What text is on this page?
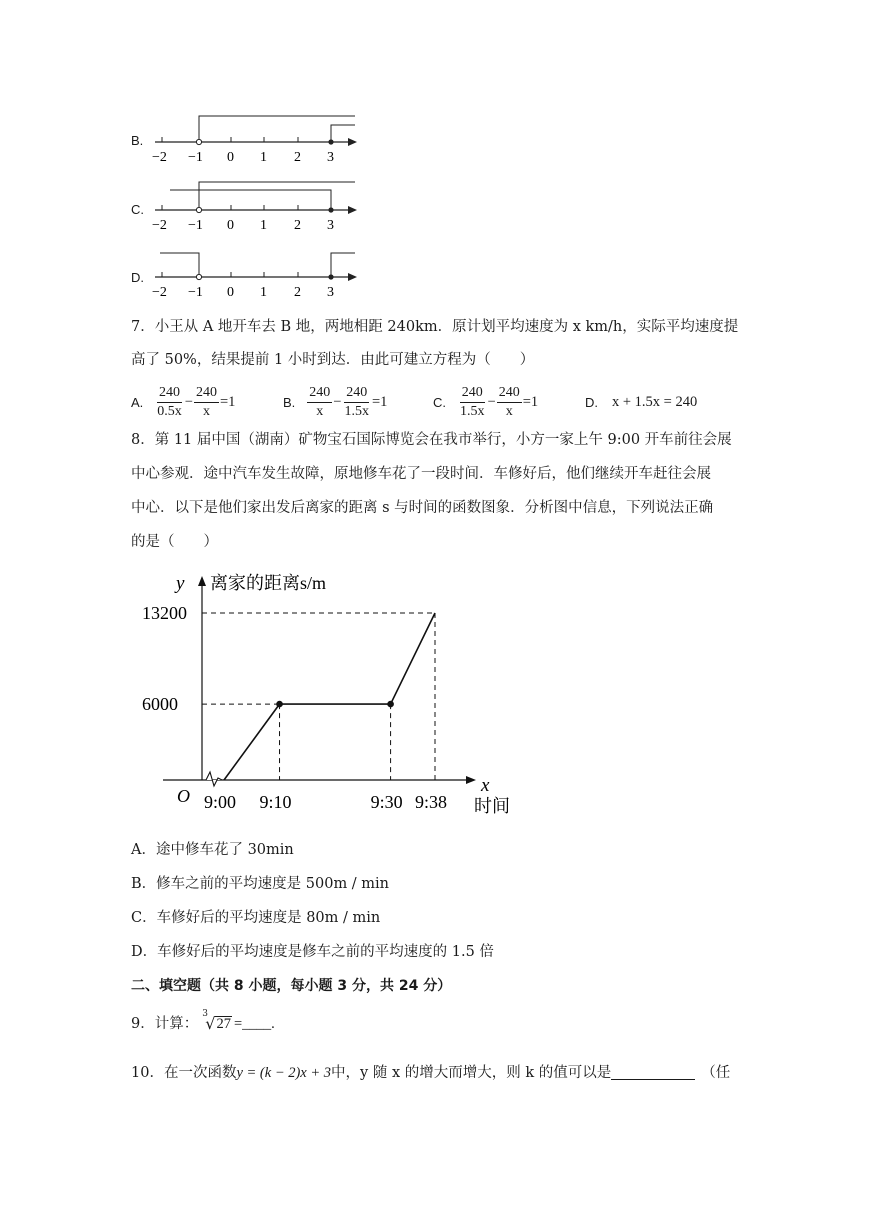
B.
C.
D.
−2 −1 0 1 2 3
−2 −1 0 1 2 3
−2 −1 0 1 2 3
7．小王从 A 地开车去 B 地，两地相距 240km．原计划平均速度为 x km/h，实际平均速度提
高了 50%，结果提前 1 小时到达．由此可建立方程为（　　）
A. $\frac{240}{0.5x} - \frac{240}{x} =1$	B. $\frac{240}{x} - \frac{240}{1.5x} =1$	C. $\frac{240}{1.5x} - \frac{240}{x} =1$	D. x + 1.5x = 240
8．第 11 届中国（湖南）矿物宝石国际博览会在我市举行，小方一家上午 9:00 开车前往会展
中心参观．途中汽车发生故障，原地修车花了一段时间．车修好后，他们继续开车赶往会展
中心．以下是他们家出发后离家的距离 s 与时间的函数图象．分析图中信息，下列说法正确
的是（　　）
y 离家的距离s/m
x
时间
O 9:00 9:10	9:30 9:38
6000
13200
A．途中修车花了 30min
B．修车之前的平均速度是 500m / min
C．车修好后的平均速度是 80m / min
D．车修好后的平均速度是修车之前的平均速度的 1.5 倍
二、填空题（共 8 小题，每小题 3 分，共 24 分）
9．计算：
3
√ 27 =____.
10．在一次函数 y = (k − 2)x + 3 中，y 随 x 的增大而增大，则 k 的值可以是	（任
